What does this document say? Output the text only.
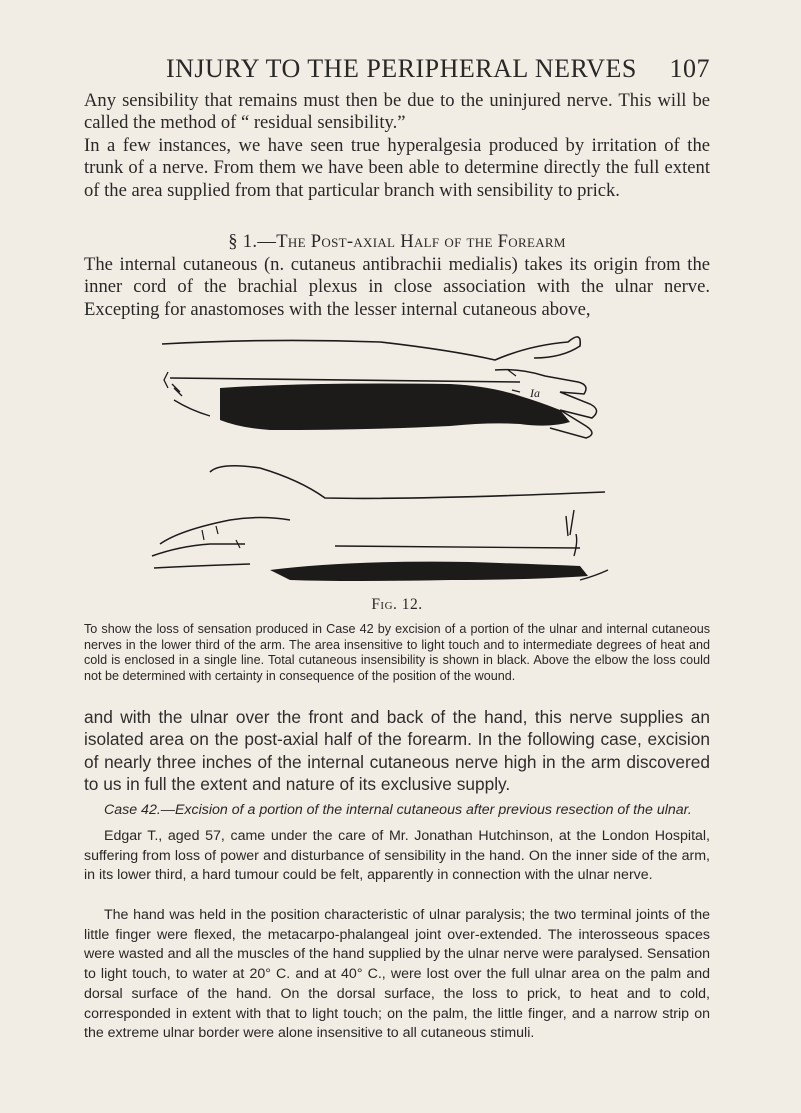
INJURY TO THE PERIPHERAL NERVES 107

Any sensibility that remains must then be due to the uninjured nerve. This will be called the method of “ residual sensibility.”

In a few instances, we have seen true hyperalgesia produced by irritation of the trunk of a nerve. From them we have been able to determine directly the full extent of the area supplied from that particular branch with sensibility to prick.

§ 1.—The Post-axial Half of the Forearm

The internal cutaneous (n. cutaneus antibrachii medialis) takes its origin from the inner cord of the brachial plexus in close association with the ulnar nerve. Excepting for anastomoses with the lesser internal cutaneous above,

Ia
IIa
Fig. 12.

To show the loss of sensation produced in Case 42 by excision of a portion of the ulnar and internal cutaneous nerves in the lower third of the arm. The area insensitive to light touch and to intermediate degrees of heat and cold is enclosed in a single line. Total cutaneous insensibility is shown in black. Above the elbow the loss could not be determined with certainty in consequence of the position of the wound.

and with the ulnar over the front and back of the hand, this nerve supplies an isolated area on the post-axial half of the forearm. In the following case, excision of nearly three inches of the internal cutaneous nerve high in the arm discovered to us in full the extent and nature of its exclusive supply.

Case 42.—Excision of a portion of the internal cutaneous after previous resection of the ulnar.

Edgar T., aged 57, came under the care of Mr. Jonathan Hutchinson, at the London Hospital, suffering from loss of power and disturbance of sensibility in the hand. On the inner side of the arm, in its lower third, a hard tumour could be felt, apparently in connection with the ulnar nerve.

The hand was held in the position characteristic of ulnar paralysis; the two terminal joints of the little finger were flexed, the metacarpo-phalangeal joint over-extended. The interosseous spaces were wasted and all the muscles of the hand supplied by the ulnar nerve were paralysed. Sensation to light touch, to water at 20° C. and at 40° C., were lost over the full ulnar area on the palm and dorsal surface of the hand. On the dorsal surface, the loss to prick, to heat and to cold, corresponded in extent with that to light touch; on the palm, the little finger, and a narrow strip on the extreme ulnar border were alone insensitive to all cutaneous stimuli.
